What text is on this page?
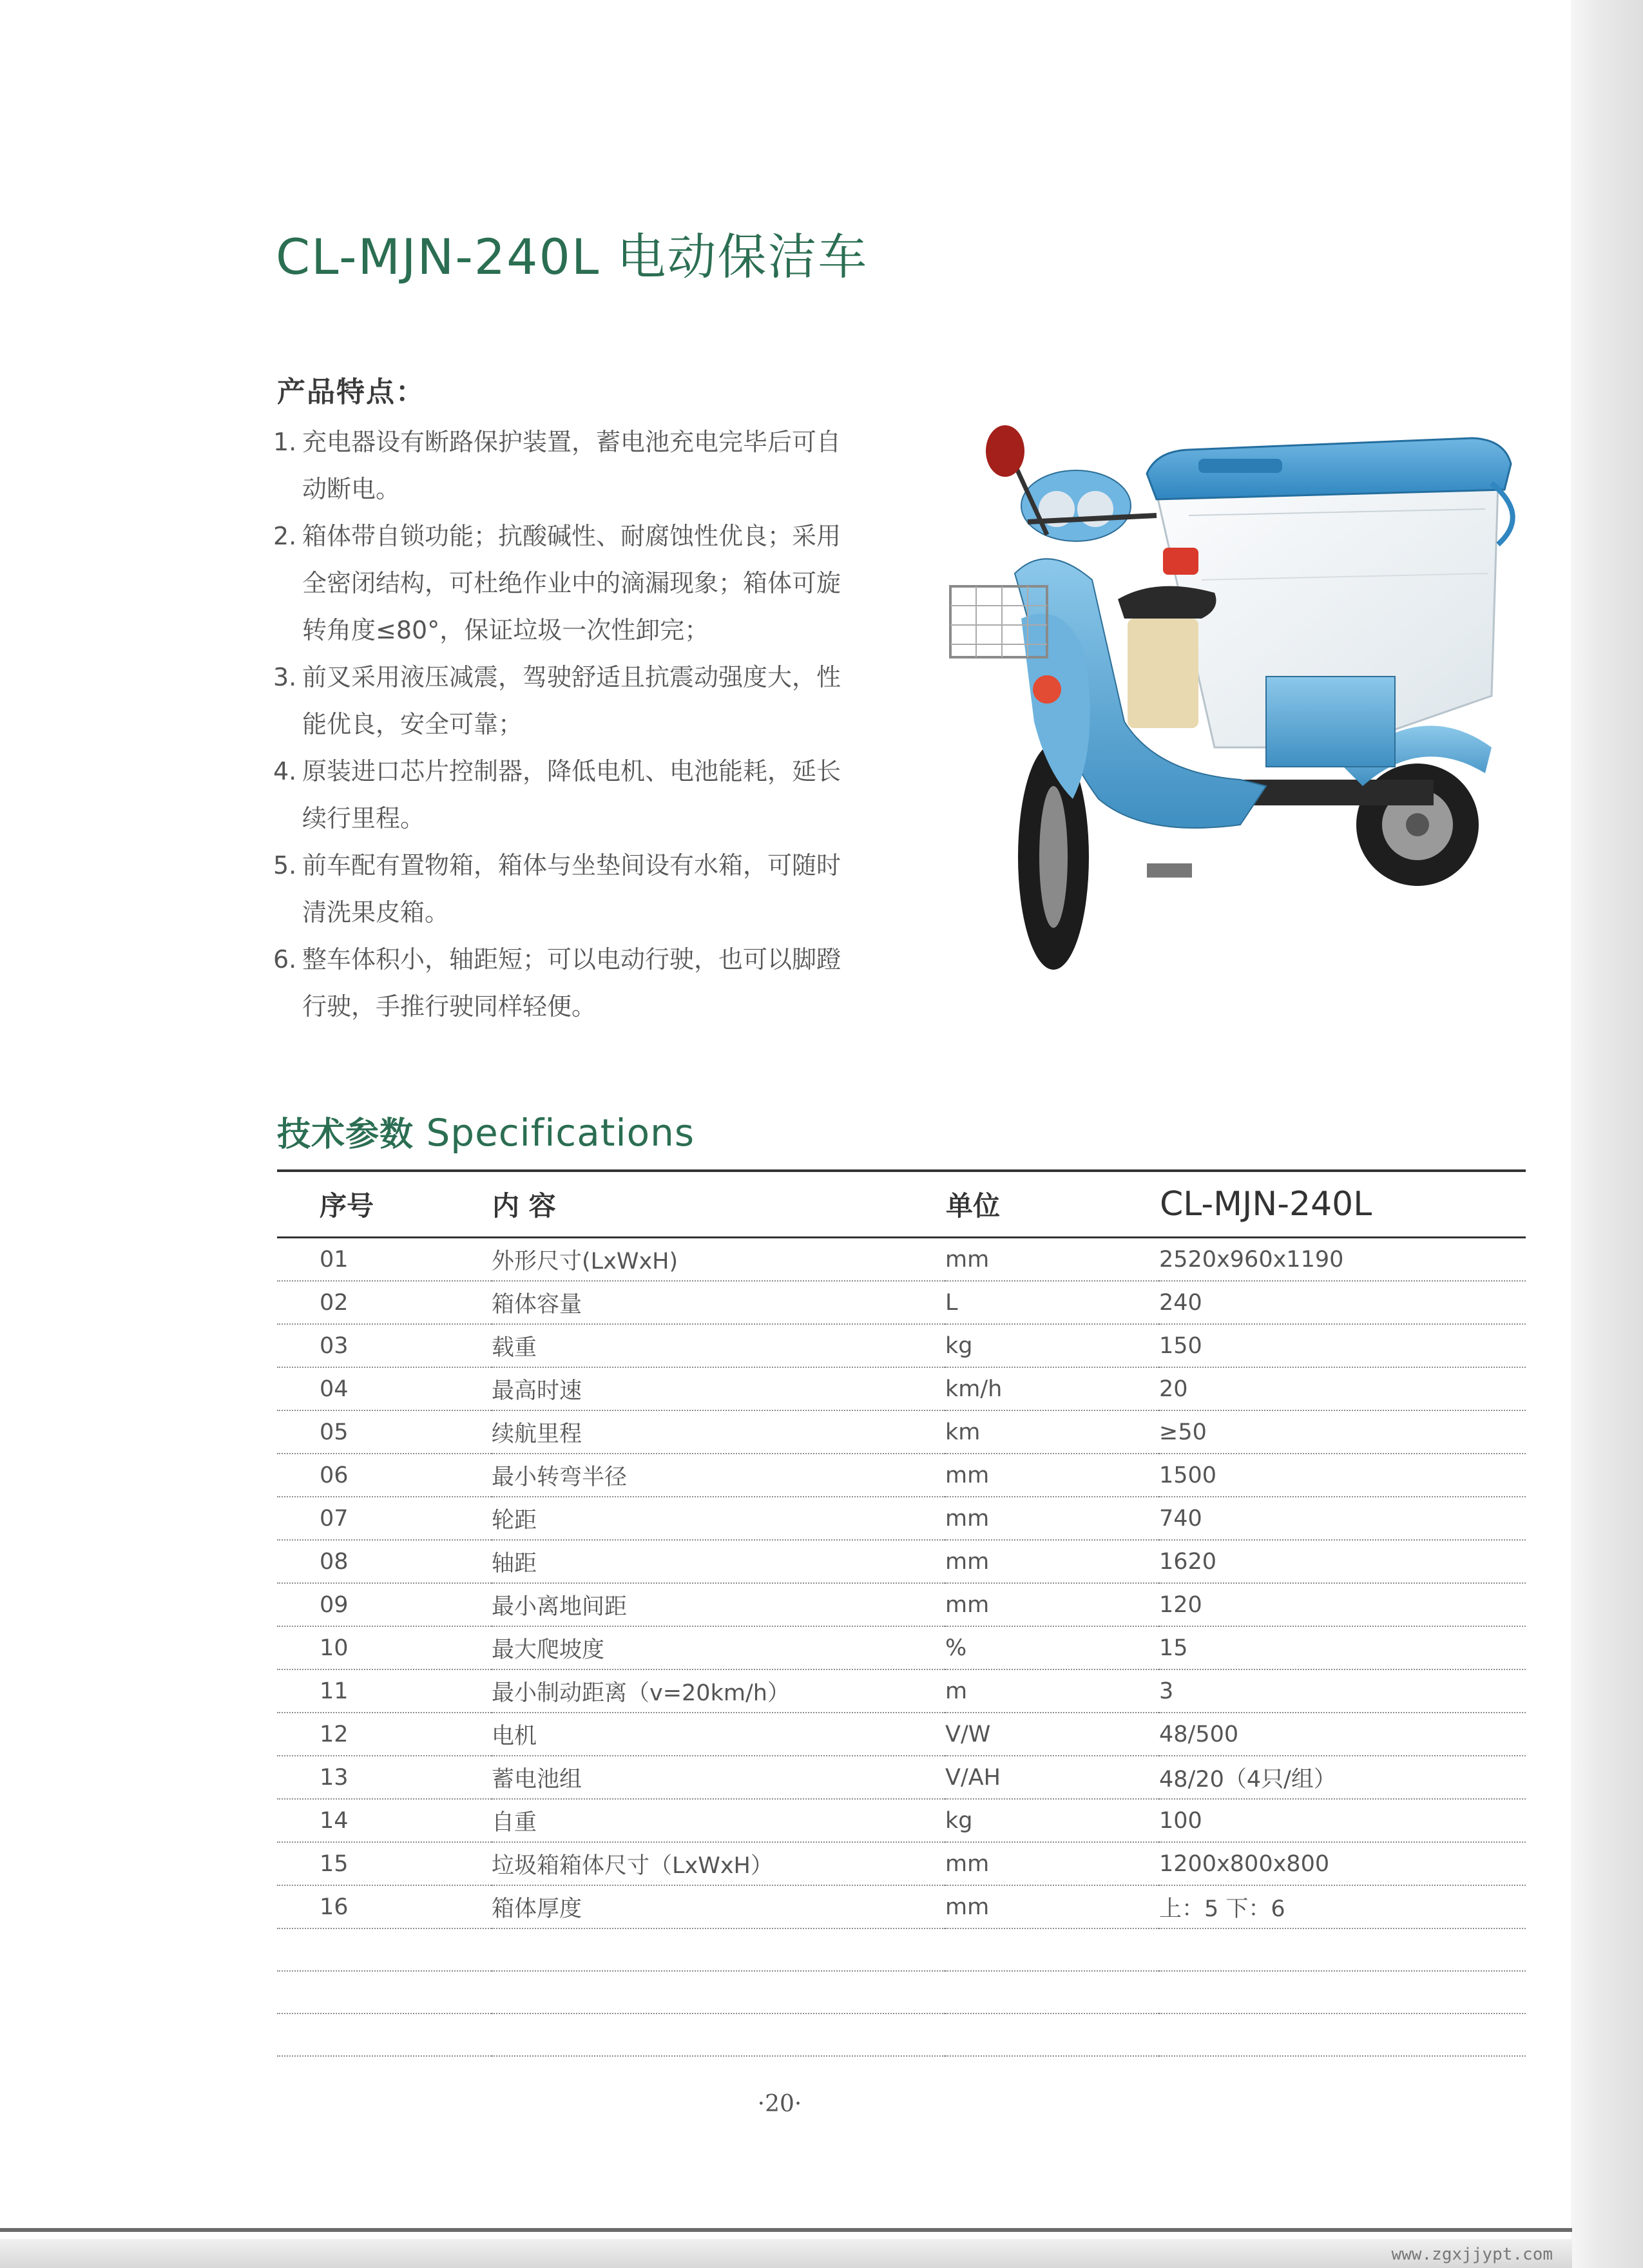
CL-MJN-240L 电动保洁车
产品特点：
1. 充电器设有断路保护装置，蓄电池充电完毕后可自动断电。
2. 箱体带自锁功能；抗酸碱性、耐腐蚀性优良；采用全密闭结构，可杜绝作业中的滴漏现象；箱体可旋转角度≤80°，保证垃圾一次性卸完；
3. 前叉采用液压减震，驾驶舒适且抗震动强度大，性能优良，安全可靠；
4. 原装进口芯片控制器，降低电机、电池能耗，延长续行里程。
5. 前车配有置物箱，箱体与坐垫间设有水箱，可随时清洗果皮箱。
6. 整车体积小，轴距短；可以电动行驶，也可以脚蹬行驶，手推行驶同样轻便。
技术参数 Specifications
序号	内 容	单位	CL-MJN-240L
01	外形尺寸(LxWxH)	mm	2520x960x1190
02	箱体容量	L	240
03	载重	kg	150
04	最高时速	km/h	20
05	续航里程	km	≥50
06	最小转弯半径	mm	1500
07	轮距	mm	740
08	轴距	mm	1620
09	最小离地间距	mm	120
10	最大爬坡度	%	15
11	最小制动距离（v=20km/h）	m	3
12	电机	V/W	48/500
13	蓄电池组	V/AH	48/20（4只/组）
14	自重	kg	100
15	垃圾箱箱体尺寸（LxWxH）	mm	1200x800x800
16	箱体厚度	mm	上：5 下：6

·20·
www.zgxjjypt.com
